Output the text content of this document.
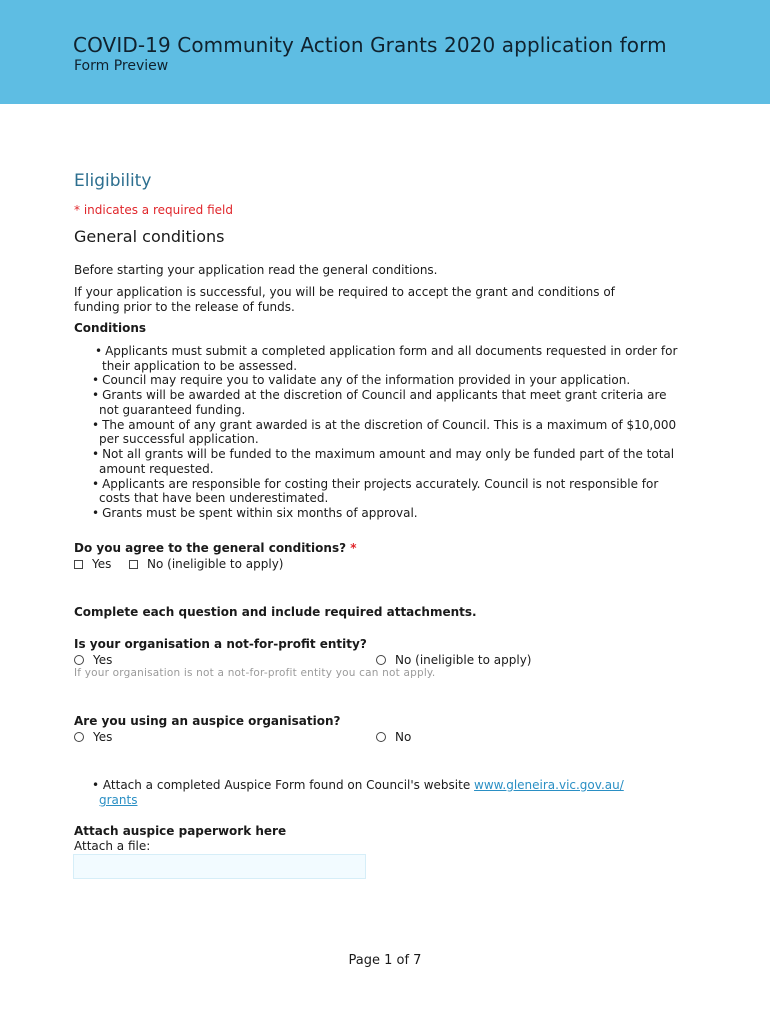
COVID-19 Community Action Grants 2020 application form
Form Preview
Eligibility
* indicates a required field
General conditions
Before starting your application read the general conditions.
If your application is successful, you will be required to accept the grant and conditions of
funding prior to the release of funds.
Conditions
• Applicants must submit a completed application form and all documents requested in order for their application to be assessed.
• Council may require you to validate any of the information provided in your application.
• Grants will be awarded at the discretion of Council and applicants that meet grant criteria are not guaranteed funding.
• The amount of any grant awarded is at the discretion of Council. This is a maximum of $10,000 per successful application.
• Not all grants will be funded to the maximum amount and may only be funded part of the total amount requested.
• Applicants are responsible for costing their projects accurately. Council is not responsible for costs that have been underestimated.
• Grants must be spent within six months of approval.
Do you agree to the general conditions? *
Yes	No (ineligible to apply)
Complete each question and include required attachments.
Is your organisation a not-for-profit entity?
Yes	No (ineligible to apply)
If your organisation is not a not-for-profit entity you can not apply.
Are you using an auspice organisation?
Yes	No
• Attach a completed Auspice Form found on Council's website www.gleneira.vic.gov.au/
grants
Attach auspice paperwork here
Attach a file:
Page 1 of 7
